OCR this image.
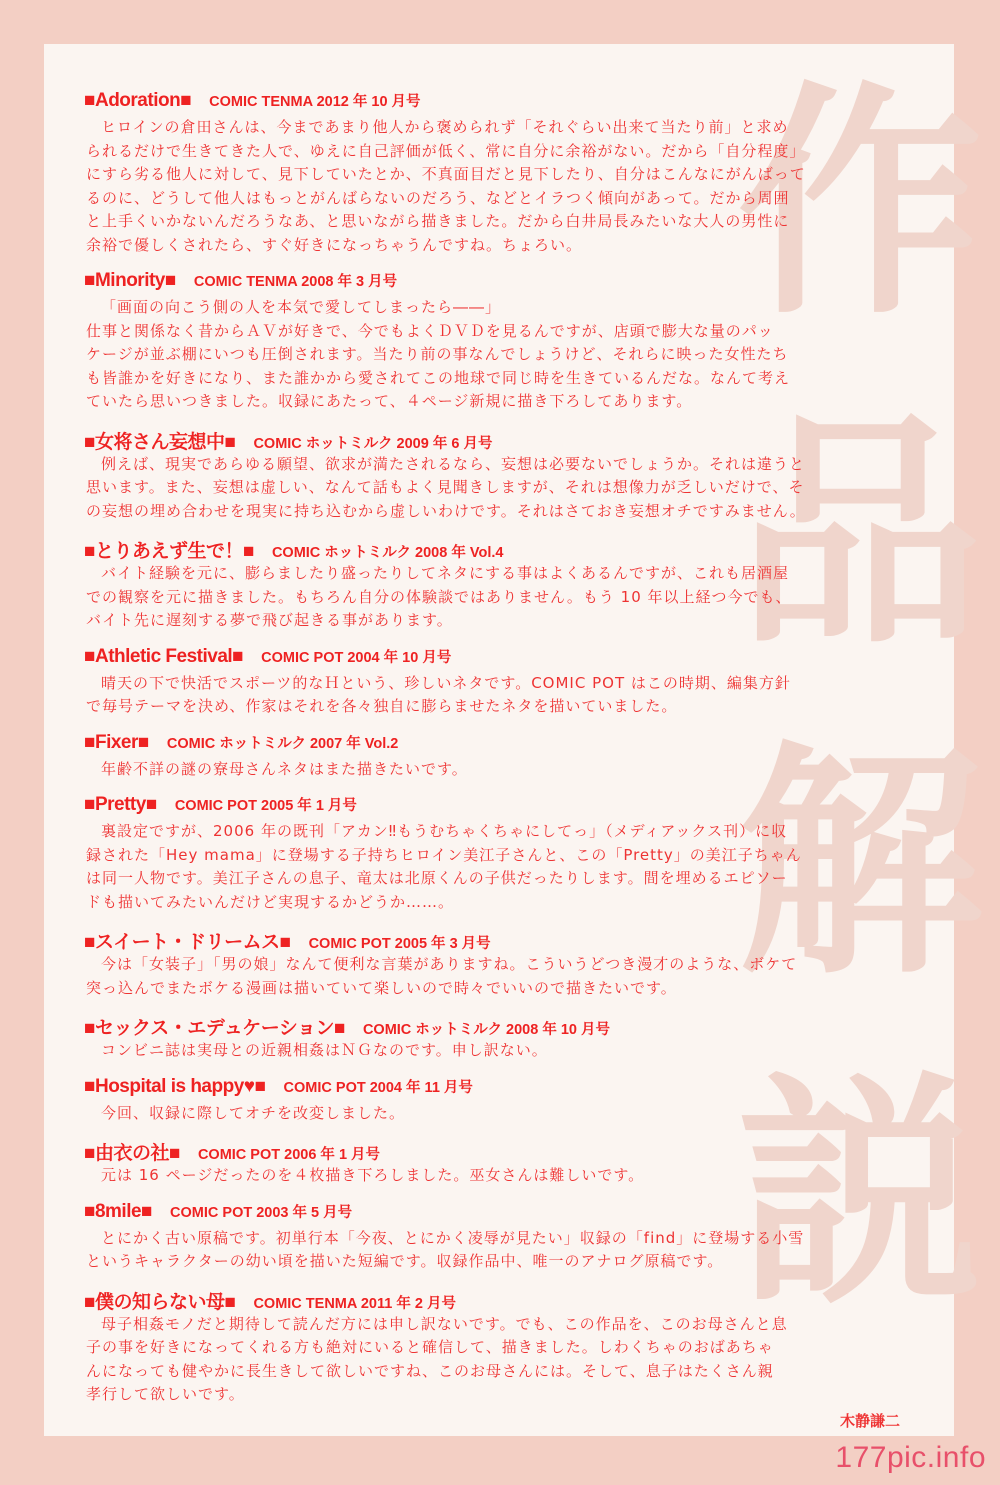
作
品
解
説
■Adoration■ COMIC TENMA 2012 年 10 月号
ヒロインの倉田さんは、今まであまり他人から褒められず「それぐらい出来て当たり前」と求め
られるだけで生きてきた人で、ゆえに自己評価が低く、常に自分に余裕がない。だから「自分程度」
にすら劣る他人に対して、見下していたとか、不真面目だと見下したり、自分はこんなにがんばって
るのに、どうして他人はもっとがんばらないのだろう、などとイラつく傾向があって。だから周囲
と上手くいかないんだろうなあ、と思いながら描きました。だから白井局長みたいな大人の男性に
余裕で優しくされたら、すぐ好きになっちゃうんですね。ちょろい。
■Minority■ COMIC TENMA 2008 年 3 月号
「画面の向こう側の人を本気で愛してしまったら――」
仕事と関係なく昔からＡＶが好きで、今でもよくＤＶＤを見るんですが、店頭で膨大な量のパッ
ケージが並ぶ棚にいつも圧倒されます。当たり前の事なんでしょうけど、それらに映った女性たち
も皆誰かを好きになり、また誰かから愛されてこの地球で同じ時を生きているんだな。なんて考え
ていたら思いつきました。収録にあたって、４ページ新規に描き下ろしてあります。
■女将さん妄想中■ COMIC ホットミルク 2009 年 6 月号
例えば、現実であらゆる願望、欲求が満たされるなら、妄想は必要ないでしょうか。それは違うと
思います。また、妄想は虚しい、なんて話もよく見聞きしますが、それは想像力が乏しいだけで、そ
の妄想の埋め合わせを現実に持ち込むから虚しいわけです。それはさておき妄想オチですみません。
■とりあえず生で！■ COMIC ホットミルク 2008 年 Vol.4
バイト経験を元に、膨らましたり盛ったりしてネタにする事はよくあるんですが、これも居酒屋
での観察を元に描きました。もちろん自分の体験談ではありません。もう 10 年以上経つ今でも、
バイト先に遅刻する夢で飛び起きる事があります。
■Athletic Festival■ COMIC POT 2004 年 10 月号
晴天の下で快活でスポーツ的なＨという、珍しいネタです。COMIC POT はこの時期、編集方針
で毎号テーマを決め、作家はそれを各々独自に膨らませたネタを描いていました。
■Fixer■ COMIC ホットミルク 2007 年 Vol.2
年齢不詳の謎の寮母さんネタはまた描きたいです。
■Pretty■ COMIC POT 2005 年 1 月号
裏設定ですが、2006 年の既刊「アカン‼もうむちゃくちゃにしてっ」（メディアックス刊）に収
録された「Hey mama」に登場する子持ちヒロイン美江子さんと、この「Pretty」の美江子ちゃん
は同一人物です。美江子さんの息子、竜太は北原くんの子供だったりします。間を埋めるエピソー
ドも描いてみたいんだけど実現するかどうか……。
■スイート・ドリームス■ COMIC POT 2005 年 3 月号
今は「女装子」「男の娘」なんて便利な言葉がありますね。こういうどつき漫才のような、ボケて
突っ込んでまたボケる漫画は描いていて楽しいので時々でいいので描きたいです。
■セックス・エデュケーション■ COMIC ホットミルク 2008 年 10 月号
コンビニ誌は実母との近親相姦はＮＧなのです。申し訳ない。
■Hospital is happy♥■ COMIC POT 2004 年 11 月号
今回、収録に際してオチを改変しました。
■由衣の社■ COMIC POT 2006 年 1 月号
元は 16 ページだったのを４枚描き下ろしました。巫女さんは難しいです。
■8mile■ COMIC POT 2003 年 5 月号
とにかく古い原稿です。初単行本「今夜、とにかく凌辱が見たい」収録の「find」に登場する小雪
というキャラクターの幼い頃を描いた短編です。収録作品中、唯一のアナログ原稿です。
■僕の知らない母■ COMIC TENMA 2011 年 2 月号
母子相姦モノだと期待して読んだ方には申し訳ないです。でも、この作品を、このお母さんと息
子の事を好きになってくれる方も絶対にいると確信して、描きました。しわくちゃのおばあちゃ
んになっても健やかに長生きして欲しいですね、このお母さんには。そして、息子はたくさん親
孝行して欲しいです。
木静謙二
177pic.info
